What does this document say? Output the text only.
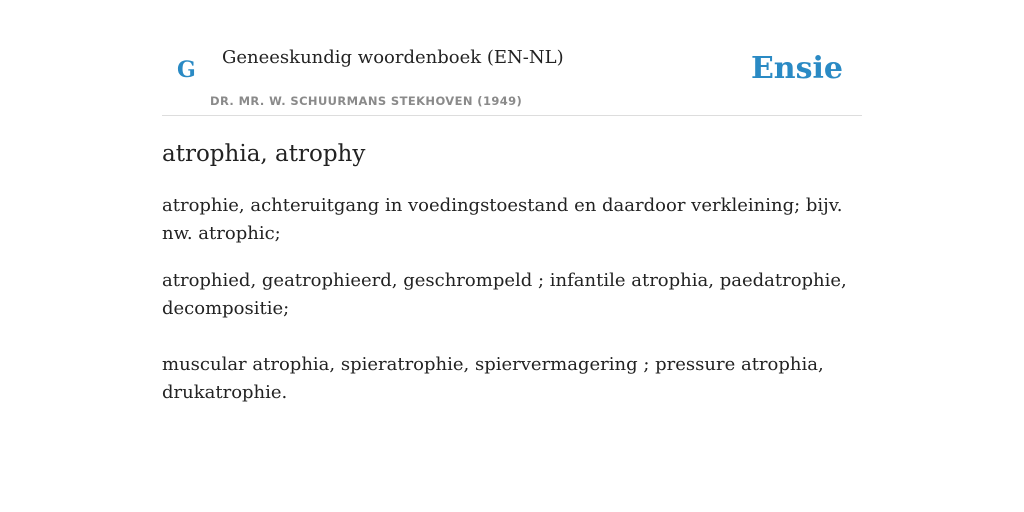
G Geneeskundig woordenboek (EN-NL)
DR. MR. W. SCHUURMANS STEKHOVEN (1949)
Ensie
atrophia, atrophy

atrophie, achteruitgang in voedingstoestand en daardoor verkleining; bijv. nw. atrophic;

atrophied, geatrophieerd, geschrompeld ; infantile atrophia, paedatrophie, decompositie;

muscular atrophia, spieratrophie, spiervermagering ; pressure atrophia, drukatrophie.
